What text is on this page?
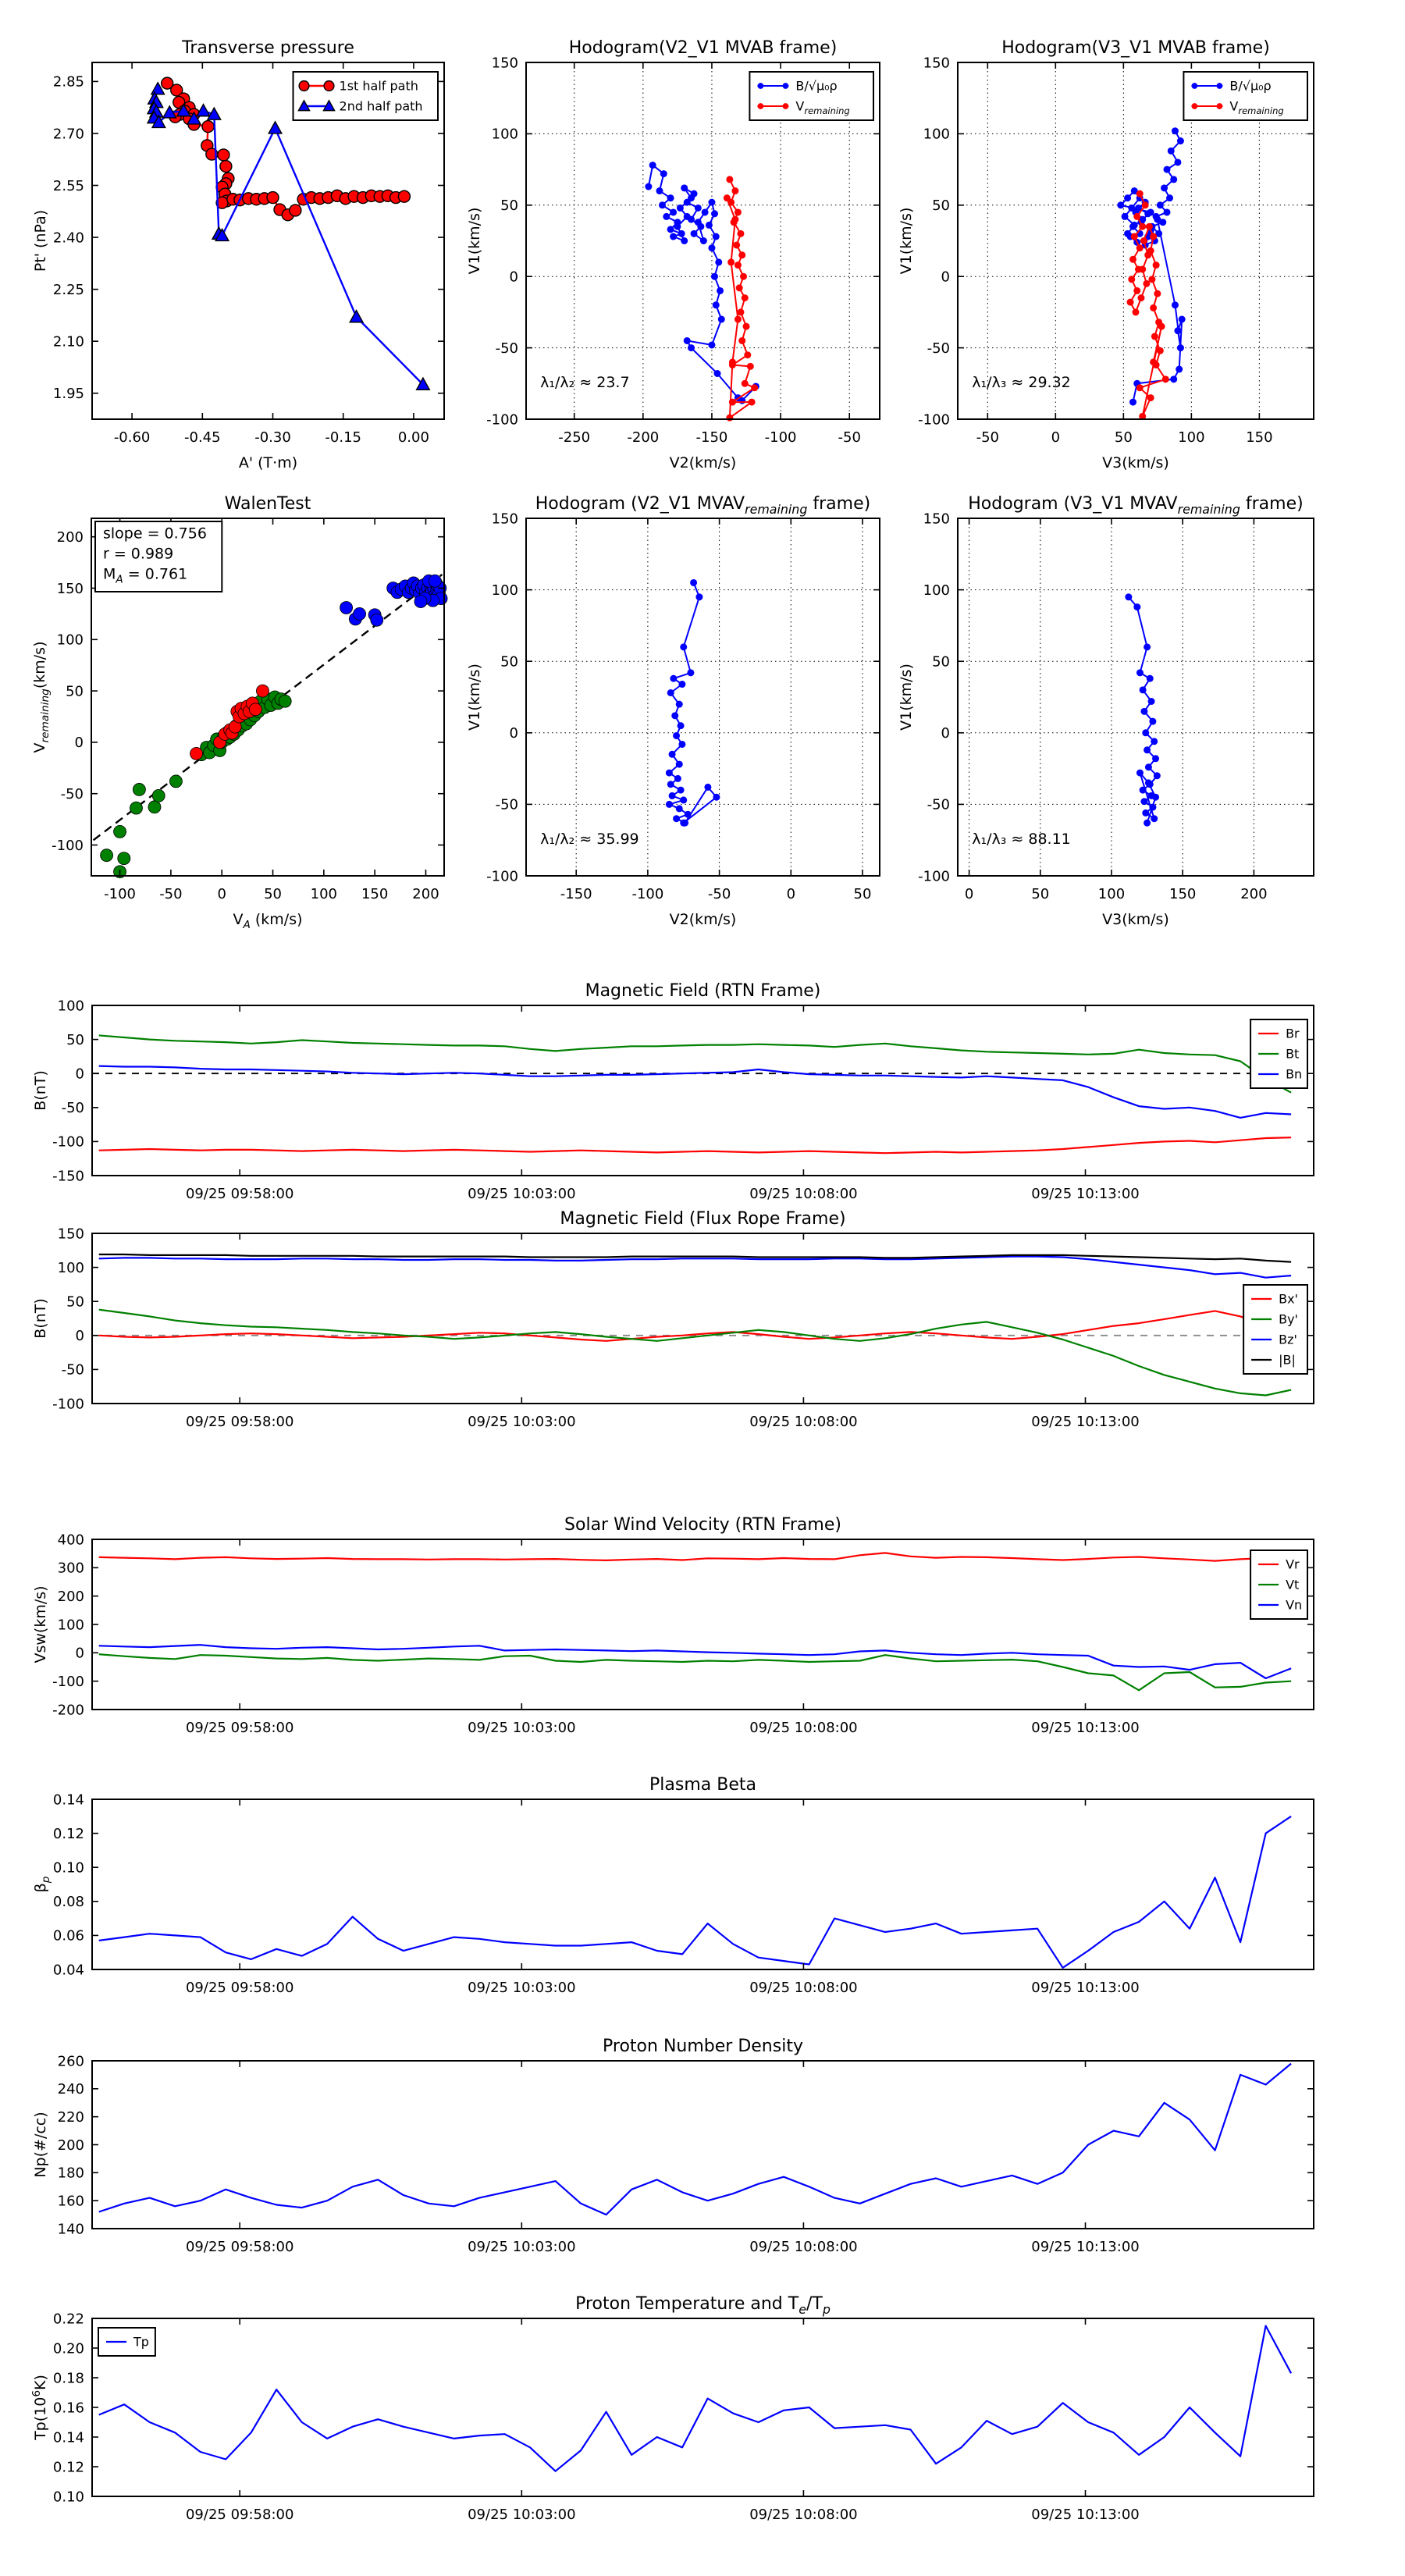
-0.60 -0.45 -0.30 -0.15	0.00
1.95
2.10
2.25
2.40
2.55
2.70
2.85
Transverse pressure
A' (T·m)
Pt' (nPa)
1st half path
2nd half path
-250	-200	-150	-100	-50
-100
-50
0
50
100
150
Hodogram(V2_V1 MVAB frame)
V2(km/s)
V1(km/s)
λ₁/λ₂ ≈ 23.7
B/√μ₀ρ
$V_{remaining}$
-50	0	50	100	150
-100
-50
0
50
100
150
Hodogram(V3_V1 MVAB frame)
V3(km/s)
V1(km/s)
λ₁/λ₃ ≈ 29.32
B/√μ₀ρ
$V_{remaining}$
-100 -50 0	50 100 150 200
-100
-50
0
50
100
150
200
WalenTest
$V_A$ (km/s)
$V_{remaining}(km/s)$
slope = 0.756
r = 0.989
$M_A = 0.761$
-150	-100	-50	0	50
-100
-50
0
50
100
150
Hodogram (V2_V1 $MVAV_{remaining}$ frame)
V2(km/s)
V1(km/s)
λ₁/λ₂ ≈ 35.99
0	50	100	150	200
-100
-50
0
50
100
150
Hodogram (V3_V1 $MVAV_{remaining}$ frame)
V3(km/s)
V1(km/s)
λ₁/λ₃ ≈ 88.11
09/25 09:58:00	09/25 10:03:00	09/25 10:08:00	09/25 10:13:00
-150
-100
-50
0
50
100
Magnetic Field (RTN Frame)
B(nT)
Br
Bt
Bn
09/25 09:58:00	09/25 10:03:00	09/25 10:08:00	09/25 10:13:00
-100
-50
0
50
100
150
Magnetic Field (Flux Rope Frame)
B(nT)	Bx'
By'
Bz'
|B|
09/25 09:58:00	09/25 10:03:00	09/25 10:08:00	09/25 10:13:00
-200
-100
0
100
200
300
400
Solar Wind Velocity (RTN Frame)
Vsw(km/s)
Vr
Vt
Vn
09/25 09:58:00	09/25 10:03:00	09/25 10:08:00	09/25 10:13:00
0.04
0.06
0.08
0.10
0.12
0.14
Plasma Beta
$\beta_p$
09/25 09:58:00	09/25 10:03:00	09/25 10:08:00	09/25 10:13:00
140
160
180
200
220
240
260
Proton Number Density
Np(#/cc)
09/25 09:58:00	09/25 10:03:00	09/25 10:08:00	09/25 10:13:00
0.10
0.12
0.14
0.16
0.18
0.20
0.22
Proton Temperature and $T_e/T_p$
$Tp(10^6K)$
Tp
